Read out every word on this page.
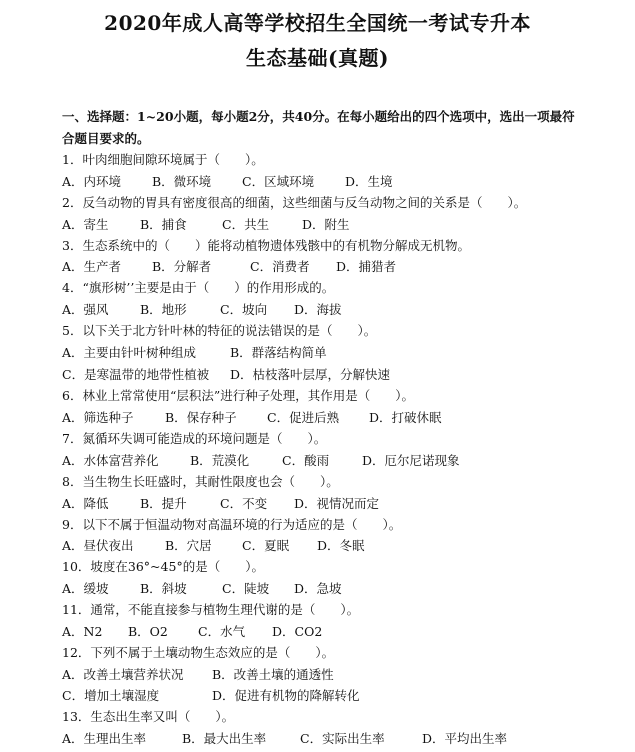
2020年成人高等学校招生全国统一考试专升本
生态基础(真题)
一、选择题：1~20小题，每小题2分，共40分。在每小题给出的四个选项中，选出一项最符合题目要求的。
1．叶肉细胞间隙环境属于（　　）。
A．内环境 B．微环境 C．区域环境 D．生境
2．反刍动物的胃具有密度很高的细菌，这些细菌与反刍动物之间的关系是（　　）。
A．寄生	B．捕食	C．共生	D．附生
3．生态系统中的（　　）能将动植物遗体残骸中的有机物分解成无机物。
A．生产者 B．分解者	C．消费者 D．捕猎者
4．“旗形树’’主要是由于（　　）的作用形成的。
A．强风	B．地形	C．坡向 D．海拔
5．以下关于北方针叶林的特征的说法错误的是（　　）。
A．主要由针叶树种组成	B．群落结构简单
C．是寒温带的地带性植被 D．枯枝落叶层厚，分解快速
6．林业上常常使用“层积法”进行种子处理，其作用是（　　）。
A．筛选种子	B．保存种子 C．促进后熟 D．打破休眠
7．氮循环失调可能造成的环境问题是（　　）。
A．水体富营养化	B．荒漠化	C．酸雨	D．厄尔尼诺现象
8．当生物生长旺盛时，其耐性限度也会（　　）。
A．降低	B．提升	C．不变 D．视情况而定
9．以下不属于恒温动物对高温环境的行为适应的是（　　）。
A．昼伏夜出	B．穴居 C．夏眠 D．冬眠
10．坡度在36°~45°的是（　　）。
A．缓坡	B．斜坡	C．陡坡 D．急坡
11．通常，不能直接参与植物生理代谢的是（　　）。
A．N2 B．O2 C．水气 D．CO2
12．下列不属于土壤动物生态效应的是（　　）。
A．改善土壤营养状况 B．改善土壤的通透性
C．增加土壤湿度	D．促进有机物的降解转化
13．生态出生率又叫（　　）。
A．生理出生率	B．最大出生率	C．实际出生率	D．平均出生率
